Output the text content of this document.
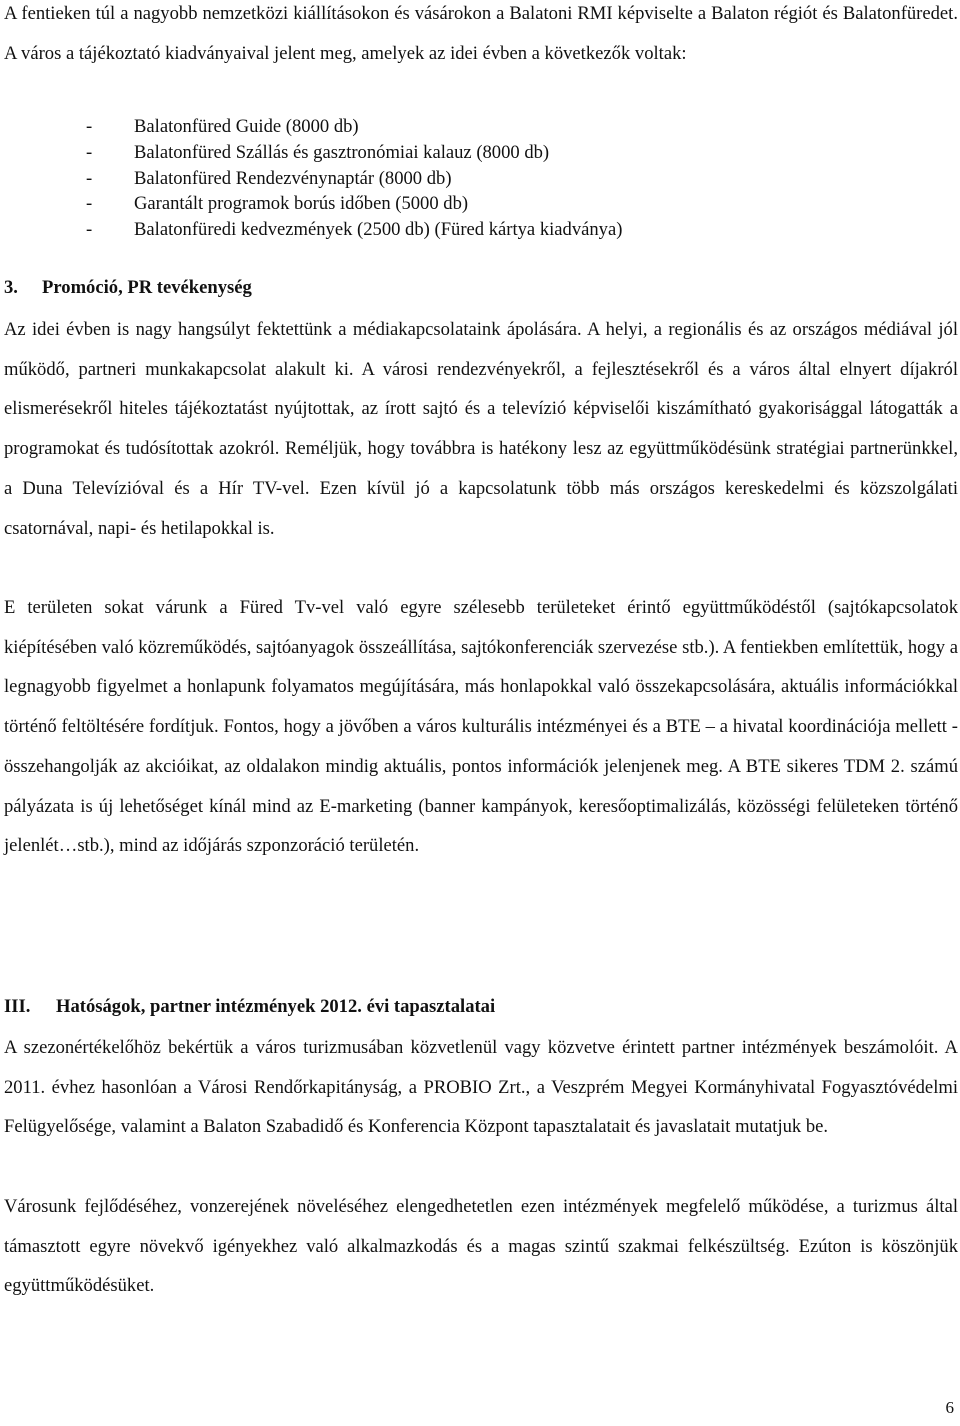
A fentieken túl a nagyobb nemzetközi kiállításokon és vásárokon a Balatoni RMI képviselte a Balaton régiót és Balatonfüredet. A város a tájékoztató kiadványaival jelent meg, amelyek az idei évben a következők voltak:

- Balatonfüred Guide (8000 db)
- Balatonfüred Szállás és gasztronómiai kalauz (8000 db)
- Balatonfüred Rendezvénynaptár (8000 db)
- Garantált programok borús időben (5000 db)
- Balatonfüredi kedvezmények (2500 db) (Füred kártya kiadványa)
3. Promóció, PR tevékenység

Az idei évben is nagy hangsúlyt fektettünk a médiakapcsolataink ápolására. A helyi, a regionális és az országos médiával jól működő, partneri munkakapcsolat alakult ki. A városi rendezvényekről, a fejlesztésekről és a város által elnyert díjakról elismerésekről hiteles tájékoztatást nyújtottak, az írott sajtó és a televízió képviselői kiszámítható gyakorisággal látogatták a programokat és tudósítottak azokról. Reméljük, hogy továbbra is hatékony lesz az együttműködésünk stratégiai partnerünkkel, a Duna Televízióval és a Hír TV-vel. Ezen kívül jó a kapcsolatunk több más országos kereskedelmi és közszolgálati csatornával, napi- és hetilapokkal is.

E területen sokat várunk a Füred Tv-vel való egyre szélesebb területeket érintő együttműködéstől (sajtókapcsolatok kiépítésében való közreműködés, sajtóanyagok összeállítása, sajtókonferenciák szervezése stb.). A fentiekben említettük, hogy a legnagyobb figyelmet a honlapunk folyamatos megújítására, más honlapokkal való összekapcsolására, aktuális információkkal történő feltöltésére fordítjuk. Fontos, hogy a jövőben a város kulturális intézményei és a BTE – a hivatal koordinációja mellett - összehangolják az akcióikat, az oldalakon mindig aktuális, pontos információk jelenjenek meg. A BTE sikeres TDM 2. számú pályázata is új lehetőséget kínál mind az E-marketing (banner kampányok, keresőoptimalizálás, közösségi felületeken történő jelenlét…stb.), mind az időjárás szponzoráció területén.

III. Hatóságok, partner intézmények 2012. évi tapasztalatai

A szezonértékelőhöz bekértük a város turizmusában közvetlenül vagy közvetve érintett partner intézmények beszámolóit. A 2011. évhez hasonlóan a Városi Rendőrkapitányság, a PROBIO Zrt., a Veszprém Megyei Kormányhivatal Fogyasztóvédelmi Felügyelősége, valamint a Balaton Szabadidő és Konferencia Központ tapasztalatait és javaslatait mutatjuk be.

Városunk fejlődéséhez, vonzerejének növeléséhez elengedhetetlen ezen intézmények megfelelő működése, a turizmus által támasztott egyre növekvő igényekhez való alkalmazkodás és a magas szintű szakmai felkészültség. Ezúton is köszönjük együttműködésüket.

6
